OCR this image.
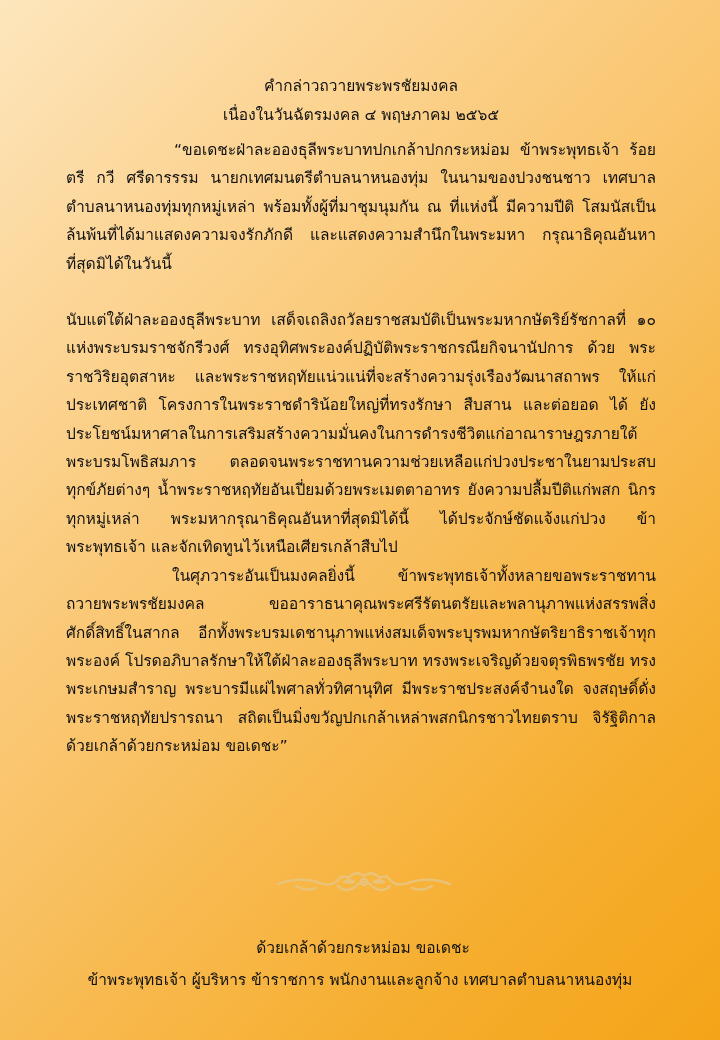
คำกล่าวถวายพระพรชัยมงคล

เนื่องในวันฉัตรมงคล ๔ พฤษภาคม ๒๕๖๕

“ขอเดชะฝ่าละอองธุลีพระบาทปกเกล้าปกกระหม่อม ข้าพระพุทธเจ้า ร้อยตรี กวี ศรีดารรรม นายกเทศมนตรีตำบลนาหนองทุ่ม ในนามของปวงชนชาว เทศบาลตำบลนาหนองทุ่มทุกหมู่เหล่า พร้อมทั้งผู้ที่มาชุมนุมกัน ณ ที่แห่งนี้ มีความปีติ โสมนัสเป็นล้นพ้นที่ได้มาแสดงความจงรักภักดี และแสดงความสำนึกในพระมหา กรุณาธิคุณอันหาที่สุดมิได้ในวันนี้

นับแต่ใต้ฝ่าละอองธุลีพระบาท เสด็จเถลิงถวัลยราชสมบัติเป็นพระมหากษัตริย์รัชกาลที่ ๑๐ แห่งพระบรมราชจักรีวงศ์ ทรงอุทิศพระองค์ปฏิบัติพระราชกรณียกิจนานัปการ ด้วย พระราชวิริยอุตสาหะ และพระราชหฤทัยแน่วแน่ที่จะสร้างความรุ่งเรืองวัฒนาสถาพร ให้แก่ประเทศชาติ โครงการในพระราชดำริน้อยใหญ่ที่ทรงรักษา สืบสาน และต่อยอด ได้ ยังประโยชน์มหาศาลในการเสริมสร้างความมั่นคงในการดำรงชีวิตแก่อาณาราษฎรภายใต้ พระบรมโพธิสมภาร ตลอดจนพระราชทานความช่วยเหลือแก่ปวงประชาในยามประสบ ทุกข์ภัยต่างๆ น้ำพระราชหฤทัยอันเปี่ยมด้วยพระเมตตาอาทร ยังความปลื้มปีติแก่พสก นิกรทุกหมู่เหล่า พระมหากรุณาธิคุณอันหาที่สุดมิได้นี้ ได้ประจักษ์ชัดแจ้งแก่ปวง ข้าพระพุทธเจ้า และจักเทิดทูนไว้เหนือเศียรเกล้าสืบไป

ในศุภวาระอันเป็นมงคลยิ่งนี้ ข้าพระพุทธเจ้าทั้งหลายขอพระราชทาน ถวายพระพรชัยมงคล ขออาราธนาคุณพระศรีรัตนตรัยและพลานุภาพแห่งสรรพสิ่ง ศักดิ์สิทธิ์ในสากล อีกทั้งพระบรมเดชานุภาพแห่งสมเด็จพระบุรพมหากษัตริยาธิราชเจ้าทุก พระองค์ โปรดอภิบาลรักษาให้ใต้ฝ่าละอองธุลีพระบาท ทรงพระเจริญด้วยจตุรพิธพรชัย ทรงพระเกษมสำราญ พระบารมีแผ่ไพศาลทั่วทิศานุทิศ มีพระราชประสงค์จำนงใด จงสฤษดิ์ดั่งพระราชหฤทัยปรารถนา สถิตเป็นมิ่งขวัญปกเกล้าเหล่าพสกนิกรชาวไทยตราบ จิรัฐิติกาล ด้วยเกล้าด้วยกระหม่อม ขอเดชะ”

ด้วยเกล้าด้วยกระหม่อม ขอเดชะ

ข้าพระพุทธเจ้า ผู้บริหาร ข้าราชการ พนักงานและลูกจ้าง เทศบาลตำบลนาหนองทุ่ม
